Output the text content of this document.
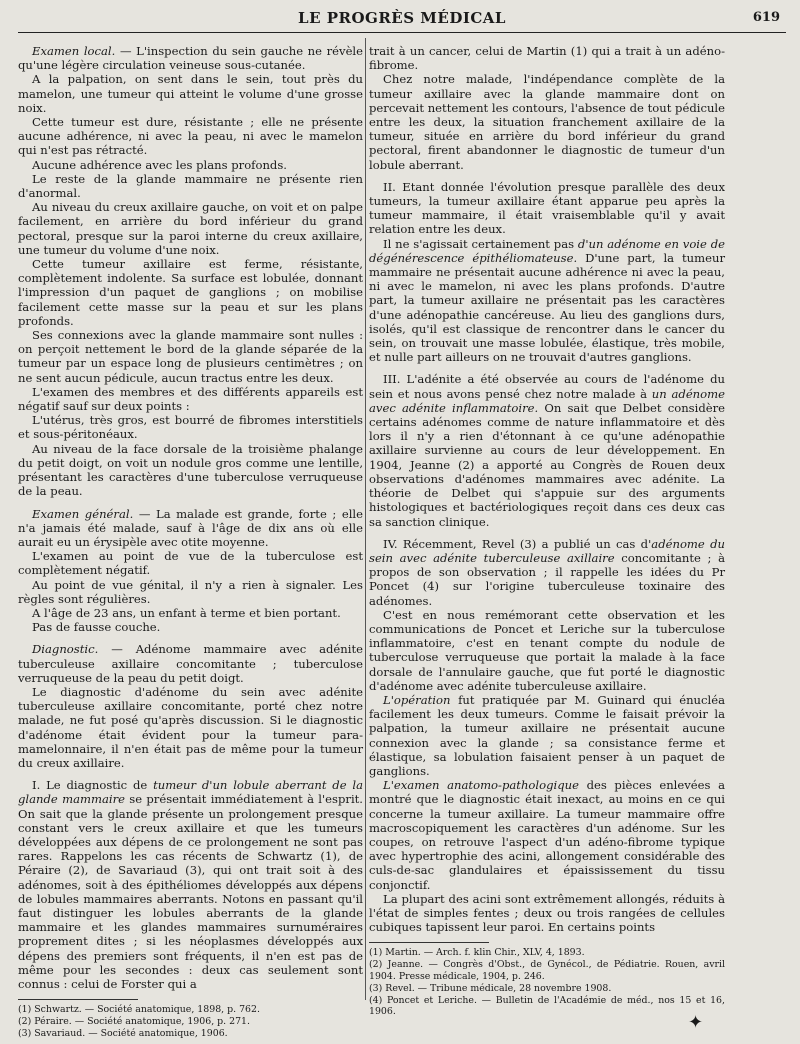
LE PROGRÈS MÉDICAL	619

Examen local. — L'inspection du sein gauche ne révèle qu'une légère circulation veineuse sous-cutanée.

A la palpation, on sent dans le sein, tout près du mamelon, une tumeur qui atteint le volume d'une grosse noix.

Cette tumeur est dure, résistante ; elle ne présente aucune adhérence, ni avec la peau, ni avec le mamelon qui n'est pas rétracté.

Aucune adhérence avec les plans profonds.

Le reste de la glande mammaire ne présente rien d'anormal.

Au niveau du creux axillaire gauche, on voit et on palpe facilement, en arrière du bord inférieur du grand pectoral, presque sur la paroi interne du creux axillaire, une tumeur du volume d'une noix.

Cette tumeur axillaire est ferme, résistante, complètement indolente. Sa surface est lobulée, donnant l'impression d'un paquet de ganglions ; on mobilise facilement cette masse sur la peau et sur les plans profonds.

Ses connexions avec la glande mammaire sont nulles : on perçoit nettement le bord de la glande séparée de la tumeur par un espace long de plusieurs centimètres ; on ne sent aucun pédicule, aucun tractus entre les deux.

L'examen des membres et des différents appareils est négatif sauf sur deux points :

L'utérus, très gros, est bourré de fibromes interstitiels et sous-péritonéaux.

Au niveau de la face dorsale de la troisième phalange du petit doigt, on voit un nodule gros comme une lentille, présentant les caractères d'une tuberculose verruqueuse de la peau.

Examen général. — La malade est grande, forte ; elle n'a jamais été malade, sauf à l'âge de dix ans où elle aurait eu un érysipèle avec otite moyenne.

L'examen au point de vue de la tuberculose est complètement négatif.

Au point de vue génital, il n'y a rien à signaler. Les règles sont régulières.

A l'âge de 23 ans, un enfant à terme et bien portant.

Pas de fausse couche.

Diagnostic. — Adénome mammaire avec adénite tuberculeuse axillaire concomitante ; tuberculose verruqueuse de la peau du petit doigt.

Le diagnostic d'adénome du sein avec adénite tuberculeuse axillaire concomitante, porté chez notre malade, ne fut posé qu'après discussion. Si le diagnostic d'adénome était évident pour la tumeur para-mamelonnaire, il n'en était pas de même pour la tumeur du creux axillaire.

I. Le diagnostic de tumeur d'un lobule aberrant de la glande mammaire se présentait immédiatement à l'esprit. On sait que la glande présente un prolongement presque constant vers le creux axillaire et que les tumeurs développées aux dépens de ce prolongement ne sont pas rares. Rappelons les cas récents de Schwartz (1), de Péraire (2), de Savariaud (3), qui ont trait soit à des adénomes, soit à des épithéliomes développés aux dépens de lobules mammaires aberrants. Notons en passant qu'il faut distinguer les lobules aberrants de la glande mammaire et les glandes mammaires surnuméraires proprement dites ; si les néoplasmes développés aux dépens des premiers sont fréquents, il n'en est pas de même pour les secondes : deux cas seulement sont connus : celui de Forster qui a

(1) Schwartz. — Société anatomique, 1898, p. 762.
(2) Péraire. — Société anatomique, 1906, p. 271.
(3) Savariaud. — Société anatomique, 1906.

trait à un cancer, celui de Martin (1) qui a trait à un adéno-fibrome.

Chez notre malade, l'indépendance complète de la tumeur axillaire avec la glande mammaire dont on percevait nettement les contours, l'absence de tout pédicule entre les deux, la situation franchement axillaire de la tumeur, située en arrière du bord inférieur du grand pectoral, firent abandonner le diagnostic de tumeur d'un lobule aberrant.

II. Etant donnée l'évolution presque parallèle des deux tumeurs, la tumeur axillaire étant apparue peu après la tumeur mammaire, il était vraisemblable qu'il y avait relation entre les deux.

Il ne s'agissait certainement pas d'un adénome en voie de dégénérescence épithéliomateuse. D'une part, la tumeur mammaire ne présentait aucune adhérence ni avec la peau, ni avec le mamelon, ni avec les plans profonds. D'autre part, la tumeur axillaire ne présentait pas les caractères d'une adénopathie cancéreuse. Au lieu des ganglions durs, isolés, qu'il est classique de rencontrer dans le cancer du sein, on trouvait une masse lobulée, élastique, très mobile, et nulle part ailleurs on ne trouvait d'autres ganglions.

III. L'adénite a été observée au cours de l'adénome du sein et nous avons pensé chez notre malade à un adénome avec adénite inflammatoire. On sait que Delbet considère certains adénomes comme de nature inflammatoire et dès lors il n'y a rien d'étonnant à ce qu'une adénopathie axillaire survienne au cours de leur développement. En 1904, Jeanne (2) a apporté au Congrès de Rouen deux observations d'adénomes mammaires avec adénite. La théorie de Delbet qui s'appuie sur des arguments histologiques et bactériologiques reçoit dans ces deux cas sa sanction clinique.

IV. Récemment, Revel (3) a publié un cas d'adénome du sein avec adénite tuberculeuse axillaire concomitante ; à propos de son observation ; il rappelle les idées du Pr Poncet (4) sur l'origine tuberculeuse toxinaire des adénomes.

C'est en nous remémorant cette observation et les communications de Poncet et Leriche sur la tuberculose inflammatoire, c'est en tenant compte du nodule de tuberculose verruqueuse que portait la malade à la face dorsale de l'annulaire gauche, que fut porté le diagnostic d'adénome avec adénite tuberculeuse axillaire.

L'opération fut pratiquée par M. Guinard qui énucléa facilement les deux tumeurs. Comme le faisait prévoir la palpation, la tumeur axillaire ne présentait aucune connexion avec la glande ; sa consistance ferme et élastique, sa lobulation faisaient penser à un paquet de ganglions.

L'examen anatomo-pathologique des pièces enlevées a montré que le diagnostic était inexact, au moins en ce qui concerne la tumeur axillaire. La tumeur mammaire offre macroscopiquement les caractères d'un adénome. Sur les coupes, on retrouve l'aspect d'un adéno-fibrome typique avec hypertrophie des acini, allongement considérable des culs-de-sac glandulaires et épaississement du tissu conjonctif.

La plupart des acini sont extrêmement allongés, réduits à l'état de simples fentes ; deux ou trois rangées de cellules cubiques tapissent leur paroi. En certains points

(1) Martin. — Arch. f. klin Chir., XLV, 4, 1893.
(2) Jeanne. — Congrès d'Obst., de Gynécol., de Pédiatrie. Rouen, avril 1904. Presse médicale, 1904, p. 246.
(3) Revel. — Tribune médicale, 28 novembre 1908.
(4) Poncet et Leriche. — Bulletin de l'Académie de méd., nos 15 et 16, 1906.
✦
